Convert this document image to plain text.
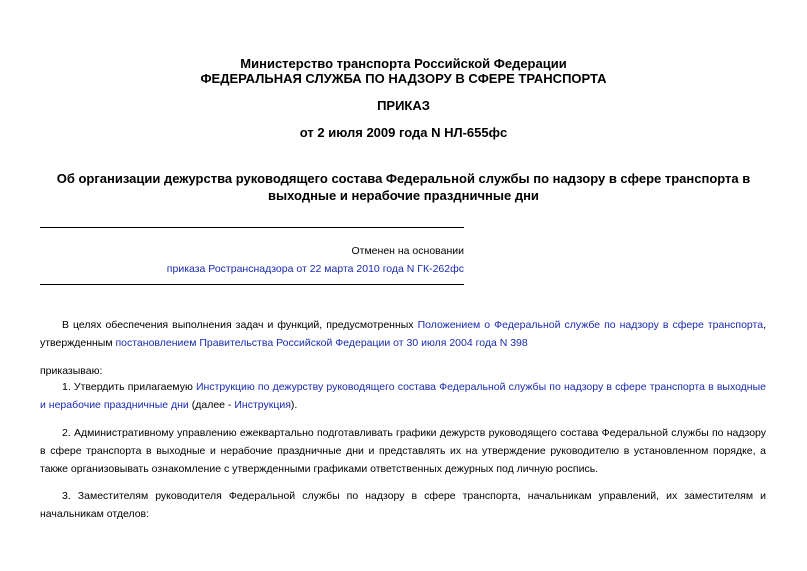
Министерство транспорта Российской Федерации
ФЕДЕРАЛЬНАЯ СЛУЖБА ПО НАДЗОРУ В СФЕРЕ ТРАНСПОРТА
ПРИКАЗ
от 2 июля 2009 года N НЛ-655фс
Об организации дежурства руководящего состава Федеральной службы по надзору в сфере транспорта в выходные и нерабочие праздничные дни
Отменен на основании
приказа Ространснадзора от 22 марта 2010 года N ГК-262фс
В целях обеспечения выполнения задач и функций, предусмотренных Положением о Федеральной службе по надзору в сфере транспорта, утвержденным постановлением Правительства Российской Федерации от 30 июля 2004 года N 398
приказываю:
1. Утвердить прилагаемую Инструкцию по дежурству руководящего состава Федеральной службы по надзору в сфере транспорта в выходные и нерабочие праздничные дни (далее - Инструкция).
2. Административному управлению ежеквартально подготавливать графики дежурств руководящего состава Федеральной службы по надзору в сфере транспорта в выходные и нерабочие праздничные дни и представлять их на утверждение руководителю в установленном порядке, а также организовывать ознакомление с утвержденными графиками ответственных дежурных под личную роспись.
3. Заместителям руководителя Федеральной службы по надзору в сфере транспорта, начальникам управлений, их заместителям и начальникам отделов:
